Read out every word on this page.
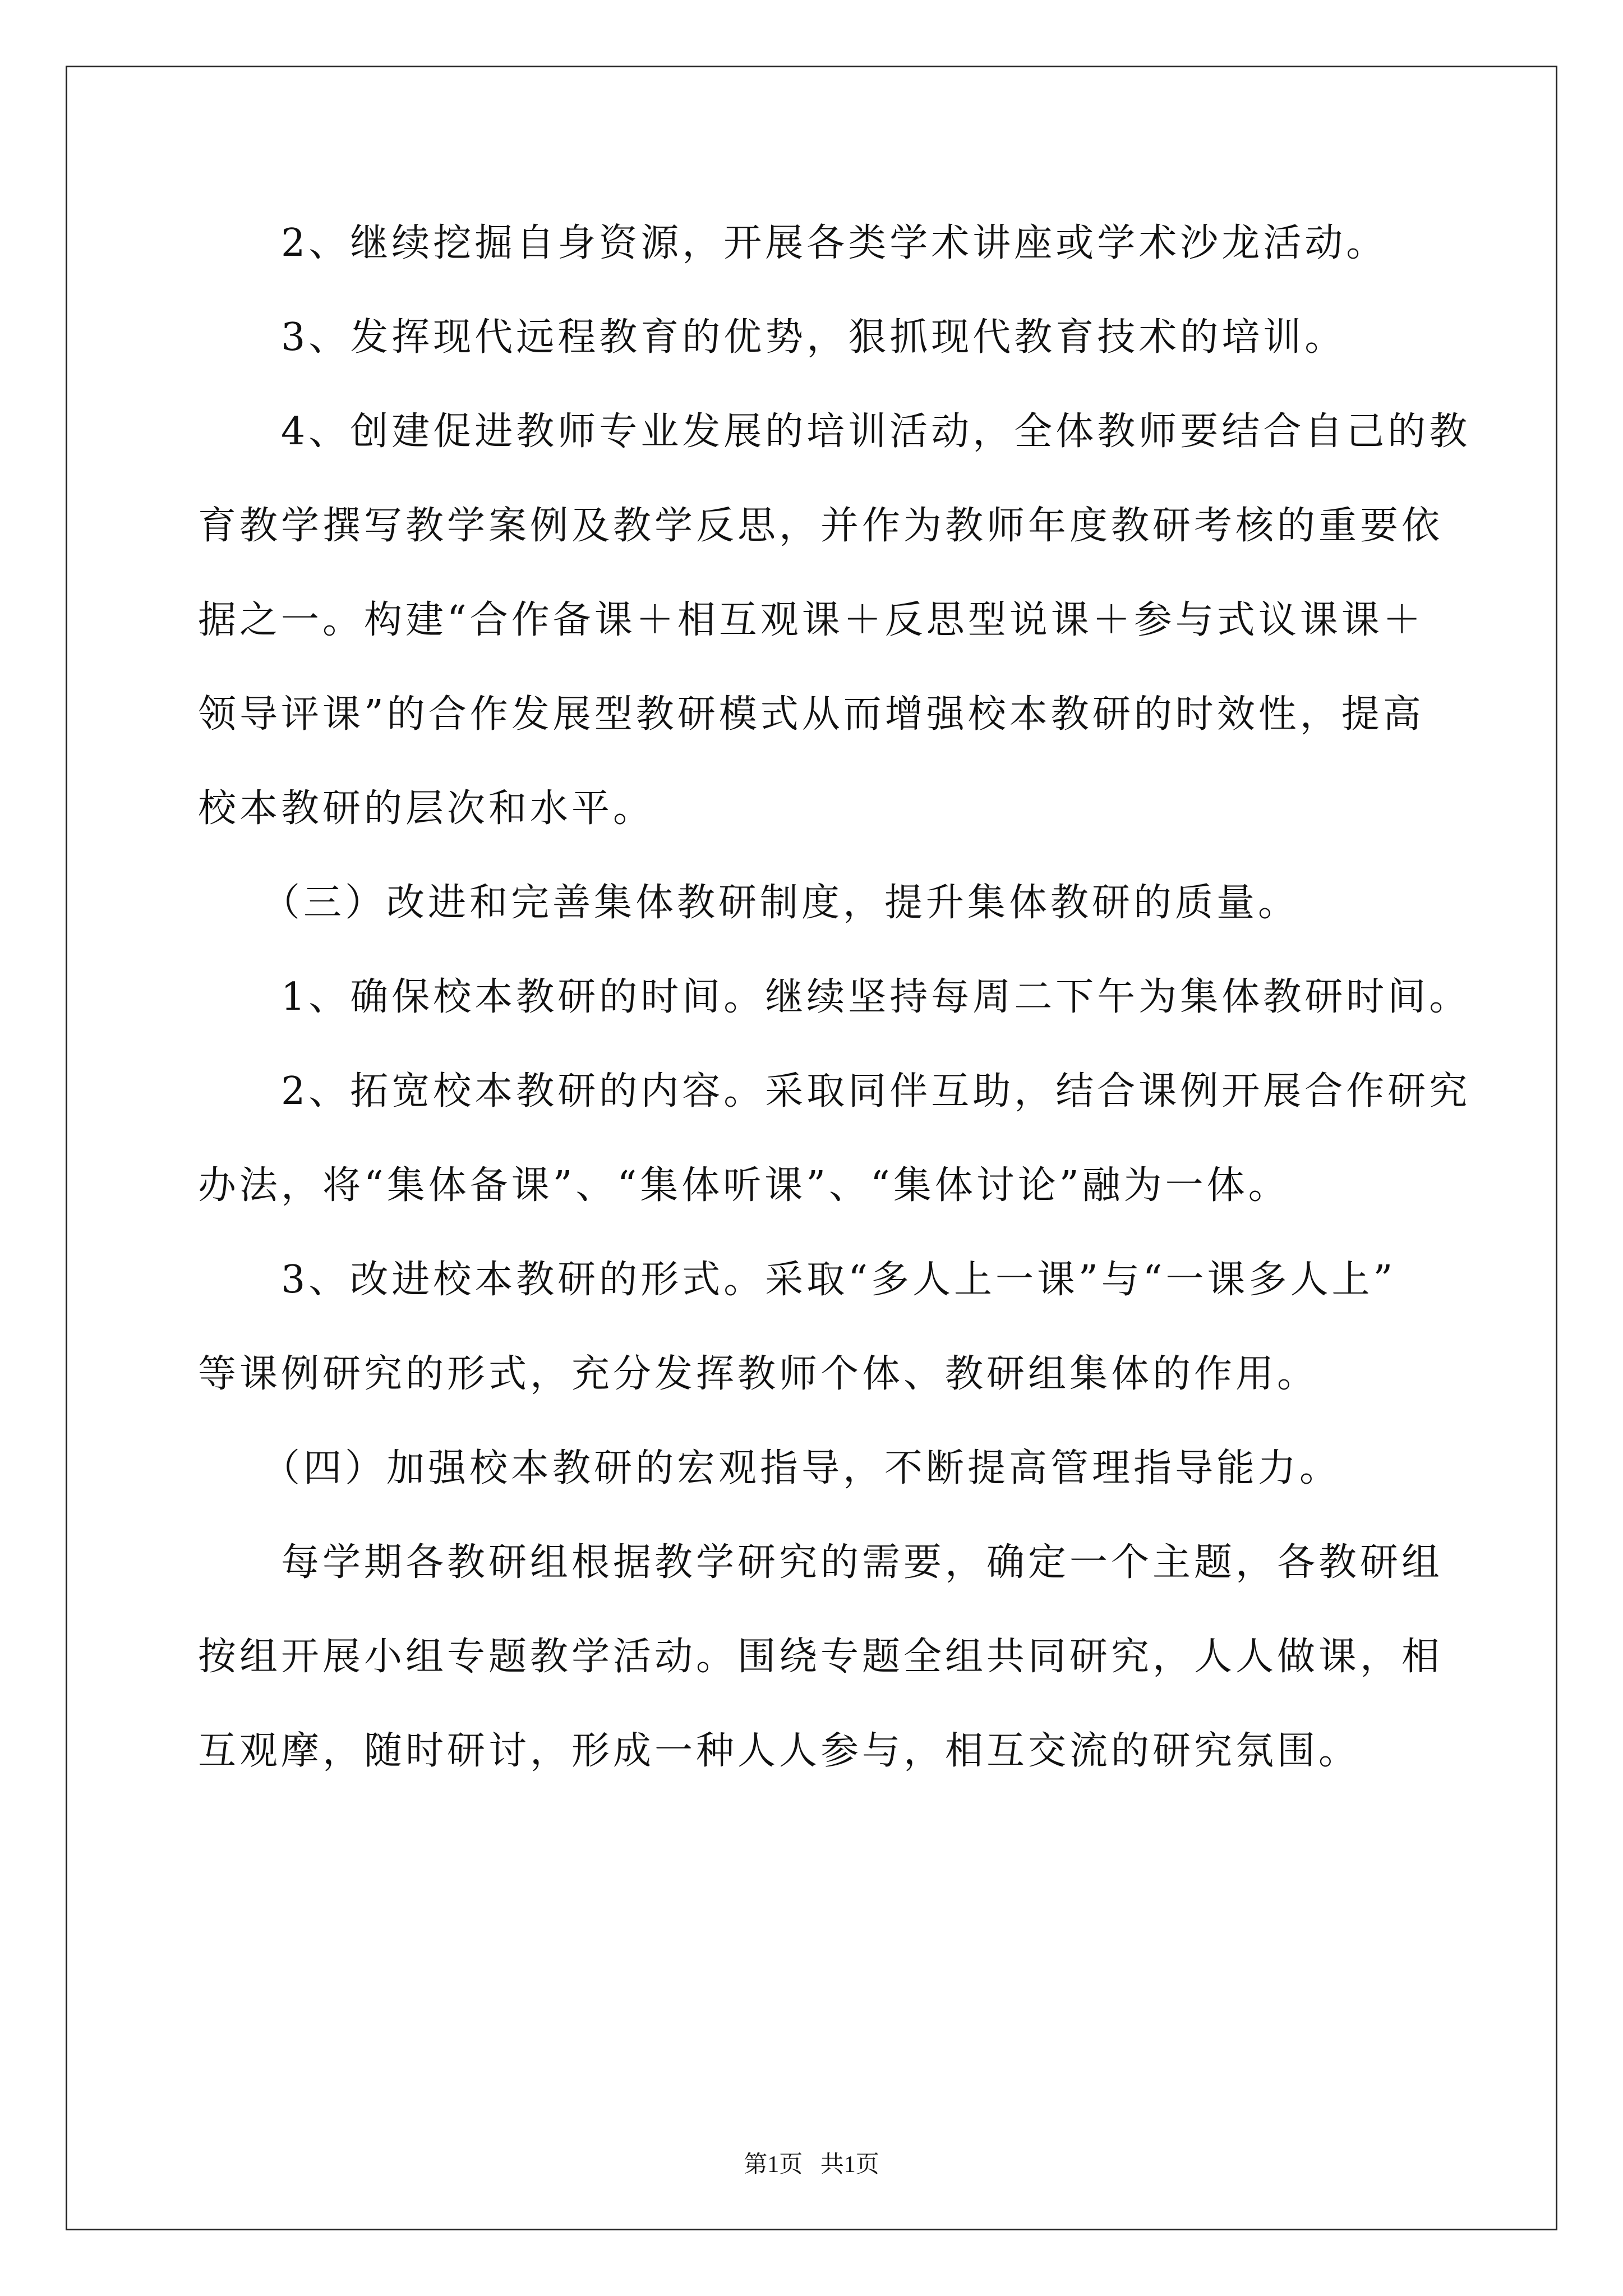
　　2、继续挖掘自身资源，开展各类学术讲座或学术沙龙活动。

　　3、发挥现代远程教育的优势，狠抓现代教育技术的培训。

　　4、创建促进教师专业发展的培训活动，全体教师要结合自己的教

育教学撰写教学案例及教学反思，并作为教师年度教研考核的重要依

据之一。构建“合作备课＋相互观课＋反思型说课＋参与式议课课＋

领导评课”的合作发展型教研模式从而增强校本教研的时效性，提高

校本教研的层次和水平。

　　（三）改进和完善集体教研制度，提升集体教研的质量。

　　1、确保校本教研的时间。继续坚持每周二下午为集体教研时间。

　　2、拓宽校本教研的内容。采取同伴互助，结合课例开展合作研究

办法，将“集体备课”、“集体听课”、“集体讨论”融为一体。

　　3、改进校本教研的形式。采取“多人上一课”与“一课多人上”

等课例研究的形式，充分发挥教师个体、教研组集体的作用。

　　（四）加强校本教研的宏观指导，不断提高管理指导能力。

　　每学期各教研组根据教学研究的需要，确定一个主题，各教研组

按组开展小组专题教学活动。围绕专题全组共同研究，人人做课，相

互观摩，随时研讨，形成一种人人参与，相互交流的研究氛围。

第1页   共1页
